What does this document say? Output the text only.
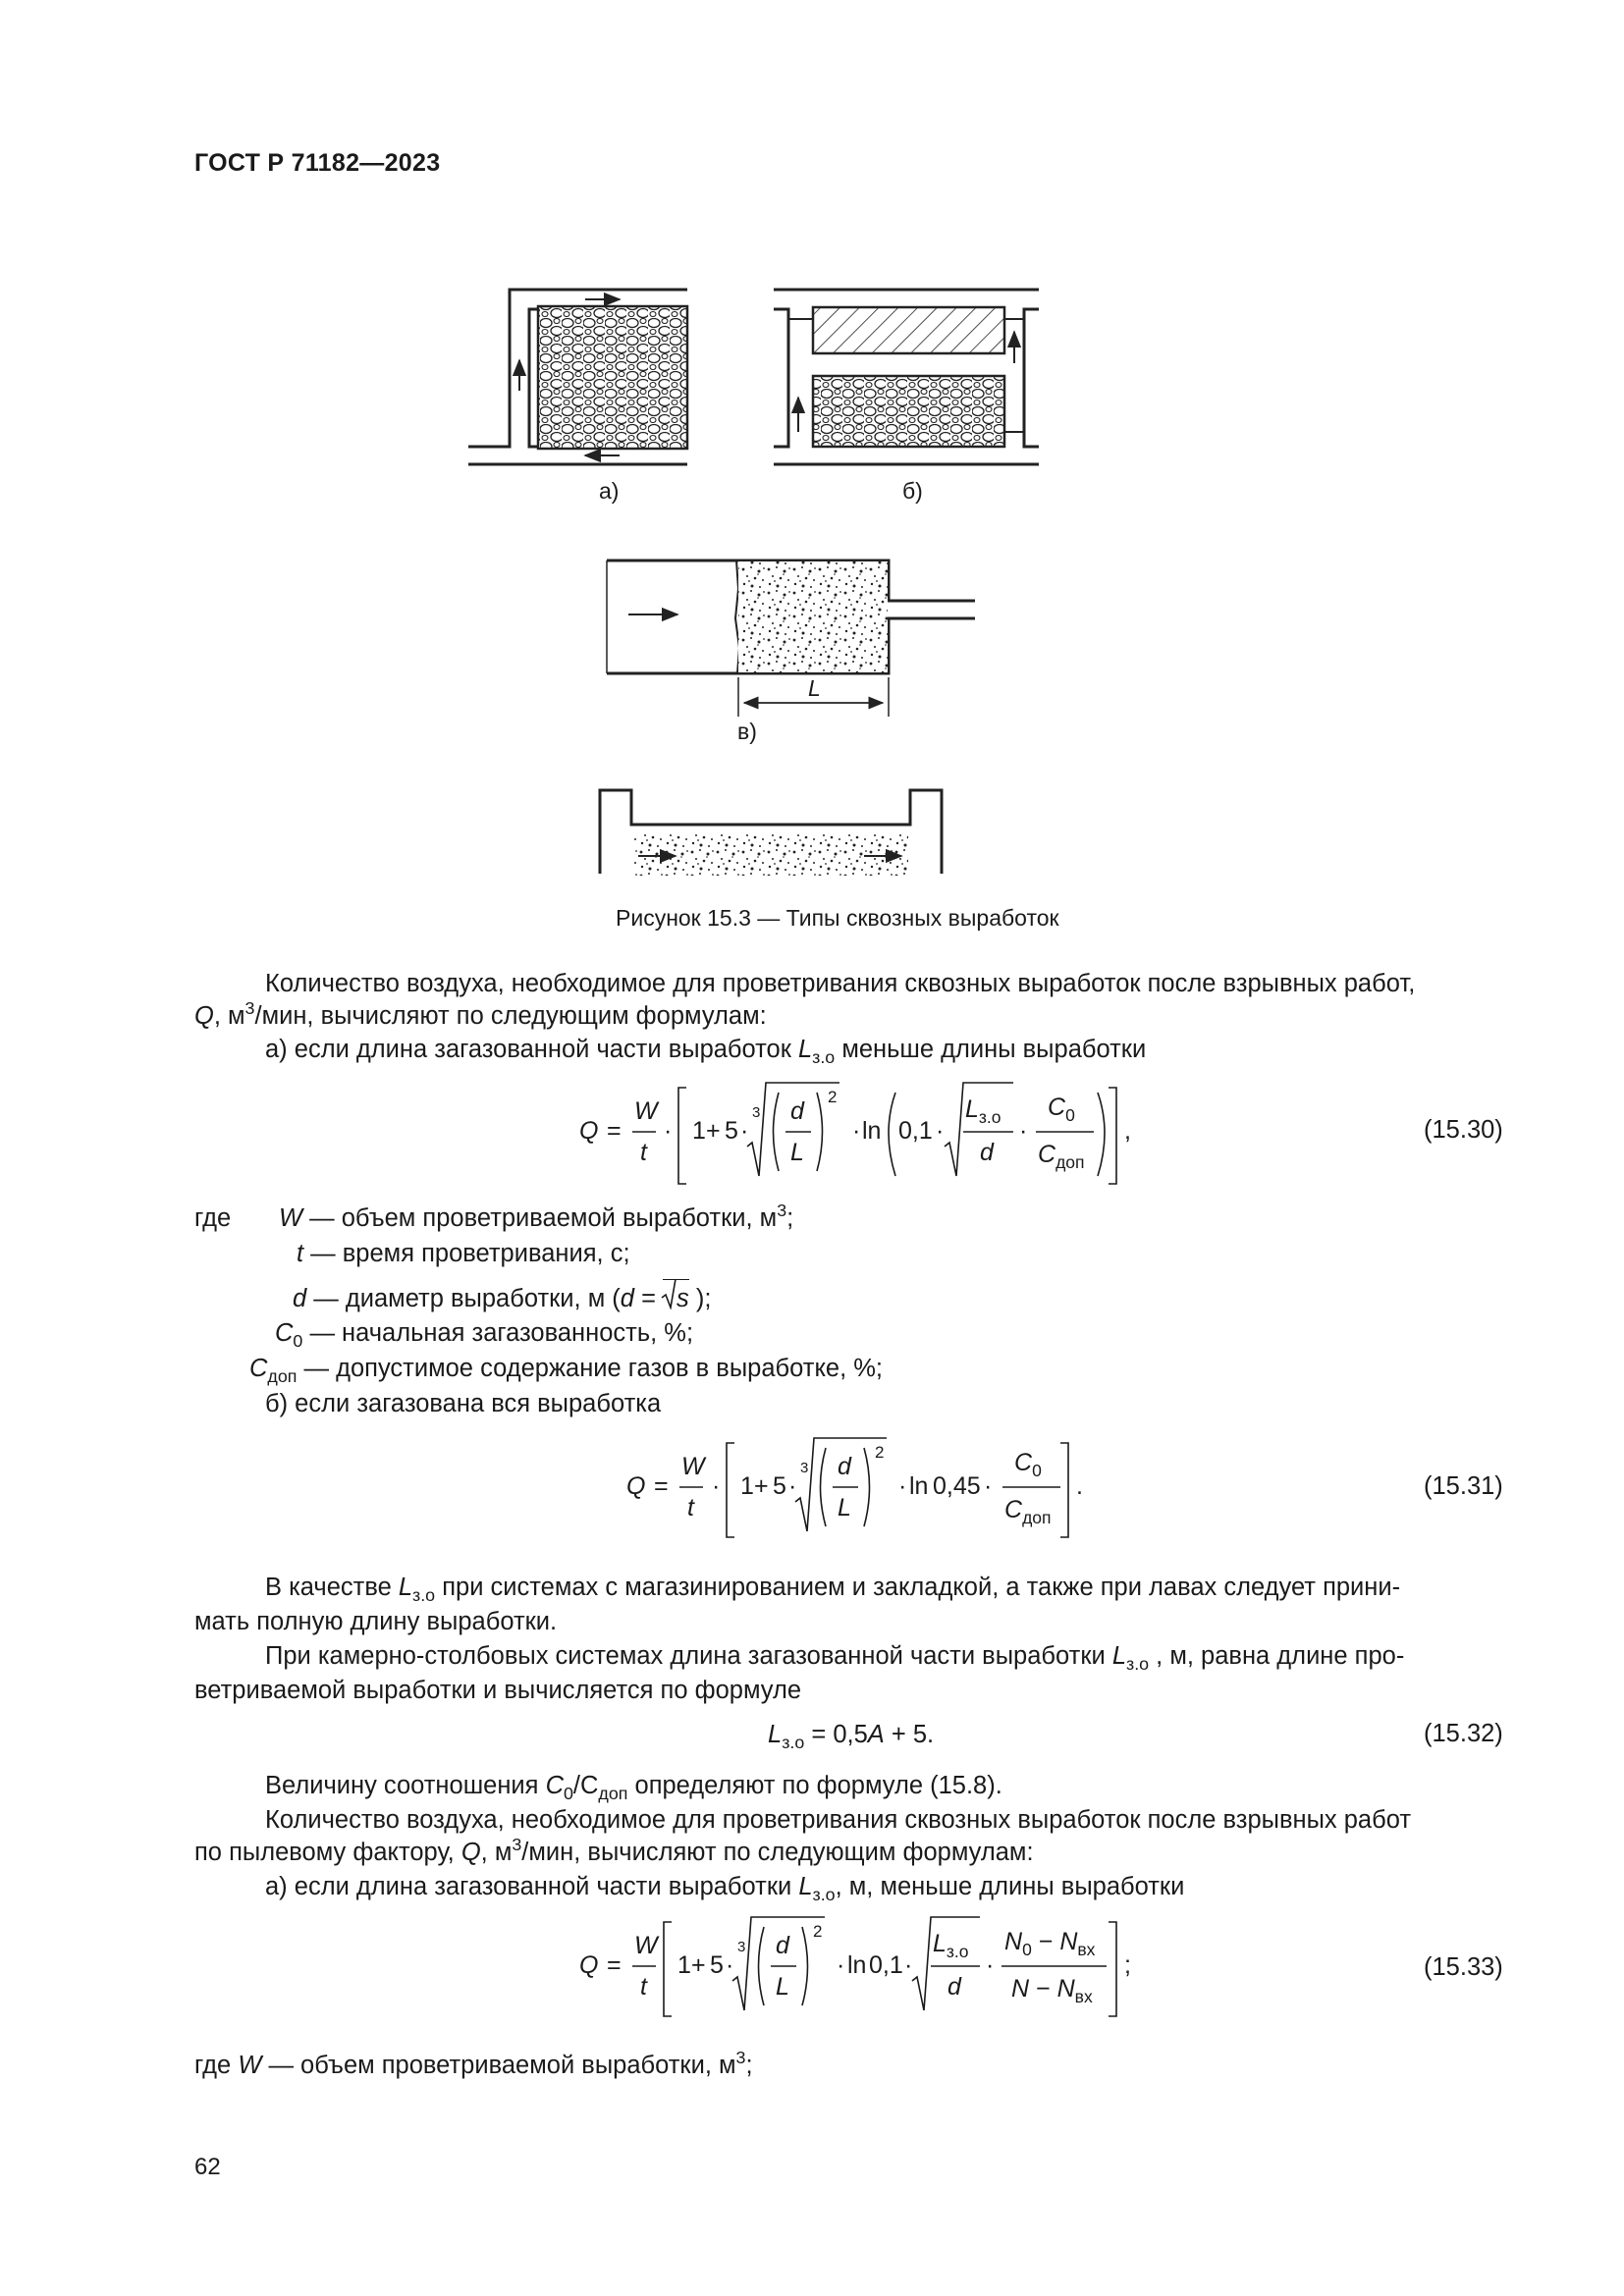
ГОСТ Р 71182—2023
а)	б)
L
в)
Рисунок 15.3 — Типы сквозных выработок
Количество воздуха, необходимое для проветривания сквозных выработок после взрывных работ,
Q, $м^3$/мин, вычисляют по следующим формулам:
а) если длина загазованной части выработок $L_{з.о}$ меньше длины выработки
Q =
W
t
· 1 + 5 ·
3 d
L
2
· ln 0,1 ·
$L_{з.о}$
d
·
$C_0$
$C_{доп}$
,	(15.30)
где W — объем проветриваемой выработки, $м^3$;
t — время проветривания, с;
d — диаметр выработки, м (d =
s );
$C_0$ — начальная загазованность, %;
$C_{доп}$ — допустимое содержание газов в выработке, %;
б) если загазована вся выработка
Q =
W
t
· 1 + 5 ·
3 d
L
2
· ln 0,45 ·
$C_0$
$C_{доп}$
.	(15.31)
В качестве $L_{з.о}$ при системах с магазинированием и закладкой, а также при лавах следует прини-
мать полную длину выработки.
При камерно-столбовых системах длина загазованной части выработки $L_{з.о}$ , м, равна длине про-
ветриваемой выработки и вычисляется по формуле
$L_{з.о} = 0,5A + 5$.	(15.32)
Величину соотношения $C_0/C_{доп}$ определяют по формуле (15.8).
Количество воздуха, необходимое для проветривания сквозных выработок после взрывных работ
по пылевому фактору, Q, $м^3$/мин, вычисляют по следующим формулам:
а) если длина загазованной части выработки $L_{з.о}$, м, меньше длины выработки
Q =
W
t
1 + 5 ·
3 d
L
2
· ln 0,1 ·
$L_{з.о}$
d
·
$N_0 - N_{вх}$
$N - N_{вх}$
;	(15.33)
где W — объем проветриваемой выработки, $м^3$;
62
